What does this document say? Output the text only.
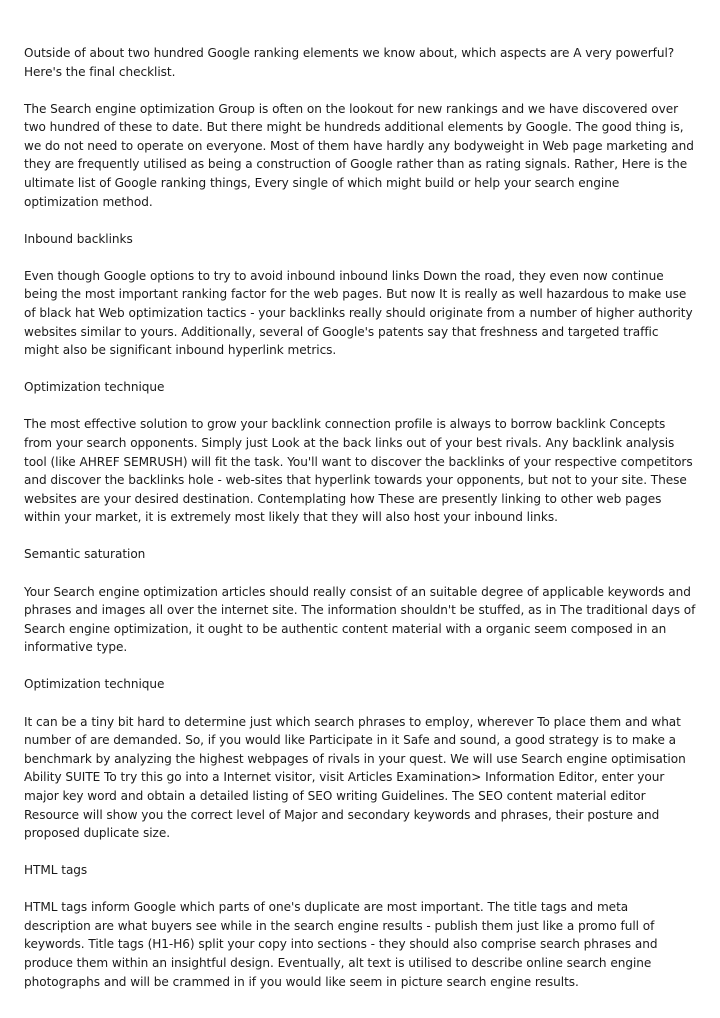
Outside of about two hundred Google ranking elements we know about, which aspects are A very powerful? Here's the final checklist.

The Search engine optimization Group is often on the lookout for new rankings and we have discovered over two hundred of these to date. But there might be hundreds additional elements by Google. The good thing is, we do not need to operate on everyone. Most of them have hardly any bodyweight in Web page marketing and they are frequently utilised as being a construction of Google rather than as rating signals. Rather, Here is the ultimate list of Google ranking things, Every single of which might build or help your search engine optimization method.

Inbound backlinks

Even though Google options to try to avoid inbound inbound links Down the road, they even now continue being the most important ranking factor for the web pages. But now It is really as well hazardous to make use of black hat Web optimization tactics - your backlinks really should originate from a number of higher authority websites similar to yours. Additionally, several of Google's patents say that freshness and targeted traffic might also be significant inbound hyperlink metrics.

Optimization technique

The most effective solution to grow your backlink connection profile is always to borrow backlink Concepts from your search opponents. Simply just Look at the back links out of your best rivals. Any backlink analysis tool (like AHREF SEMRUSH) will fit the task. You'll want to discover the backlinks of your respective competitors and discover the backlinks hole - web-sites that hyperlink towards your opponents, but not to your site. These websites are your desired destination. Contemplating how These are presently linking to other web pages within your market, it is extremely most likely that they will also host your inbound links.

Semantic saturation

Your Search engine optimization articles should really consist of an suitable degree of applicable keywords and phrases and images all over the internet site. The information shouldn't be stuffed, as in The traditional days of Search engine optimization, it ought to be authentic content material with a organic seem composed in an informative type.

Optimization technique

It can be a tiny bit hard to determine just which search phrases to employ, wherever To place them and what number of are demanded. So, if you would like Participate in it Safe and sound, a good strategy is to make a benchmark by analyzing the highest webpages of rivals in your quest. We will use Search engine optimisation Ability SUITE To try this go into a Internet visitor, visit Articles Examination> Information Editor, enter your major key word and obtain a detailed listing of SEO writing Guidelines. The SEO content material editor Resource will show you the correct level of Major and secondary keywords and phrases, their posture and proposed duplicate size.

HTML tags

HTML tags inform Google which parts of one's duplicate are most important. The title tags and meta description are what buyers see while in the search engine results - publish them just like a promo full of keywords. Title tags (H1-H6) split your copy into sections - they should also comprise search phrases and produce them within an insightful design. Eventually, alt text is utilised to describe online search engine photographs and will be crammed in if you would like seem in picture search engine results.
